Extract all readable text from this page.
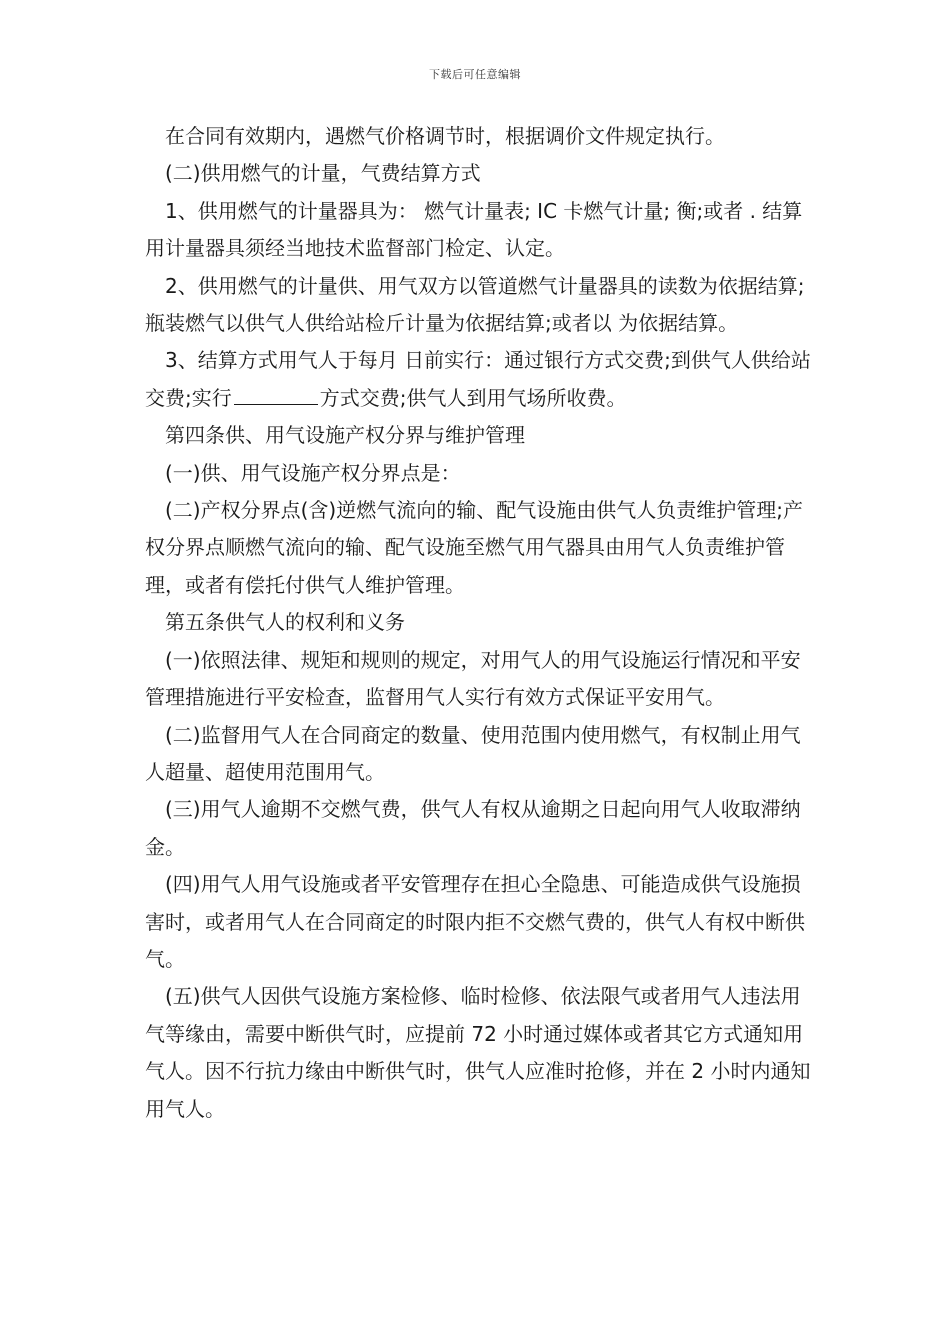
下载后可任意编辑

在合同有效期内，遇燃气价格调节时，根据调价文件规定执行。

(二)供用燃气的计量，气费结算方式

1、供用燃气的计量器具为： 燃气计量表; IC 卡燃气计量; 衡;或者 . 结算用计量器具须经当地技术监督部门检定、认定。

2、供用燃气的计量供、用气双方以管道燃气计量器具的读数为依据结算;瓶装燃气以供气人供给站检斤计量为依据结算;或者以 为依据结算。

3、结算方式用气人于每月 日前实行：通过银行方式交费;到供气人供给站交费;实行	方式交费;供气人到用气场所收费。

第四条供、用气设施产权分界与维护管理

(一)供、用气设施产权分界点是：

(二)产权分界点(含)逆燃气流向的输、配气设施由供气人负责维护管理;产权分界点顺燃气流向的输、配气设施至燃气用气器具由用气人负责维护管理，或者有偿托付供气人维护管理。

第五条供气人的权利和义务

(一)依照法律、规矩和规则的规定，对用气人的用气设施运行情况和平安管理措施进行平安检查，监督用气人实行有效方式保证平安用气。

(二)监督用气人在合同商定的数量、使用范围内使用燃气，有权制止用气人超量、超使用范围用气。

(三)用气人逾期不交燃气费，供气人有权从逾期之日起向用气人收取滞纳金。

(四)用气人用气设施或者平安管理存在担心全隐患、可能造成供气设施损害时，或者用气人在合同商定的时限内拒不交燃气费的，供气人有权中断供气。

(五)供气人因供气设施方案检修、临时检修、依法限气或者用气人违法用气等缘由，需要中断供气时，应提前 72 小时通过媒体或者其它方式通知用气人。因不行抗力缘由中断供气时，供气人应准时抢修，并在 2 小时内通知用气人。
